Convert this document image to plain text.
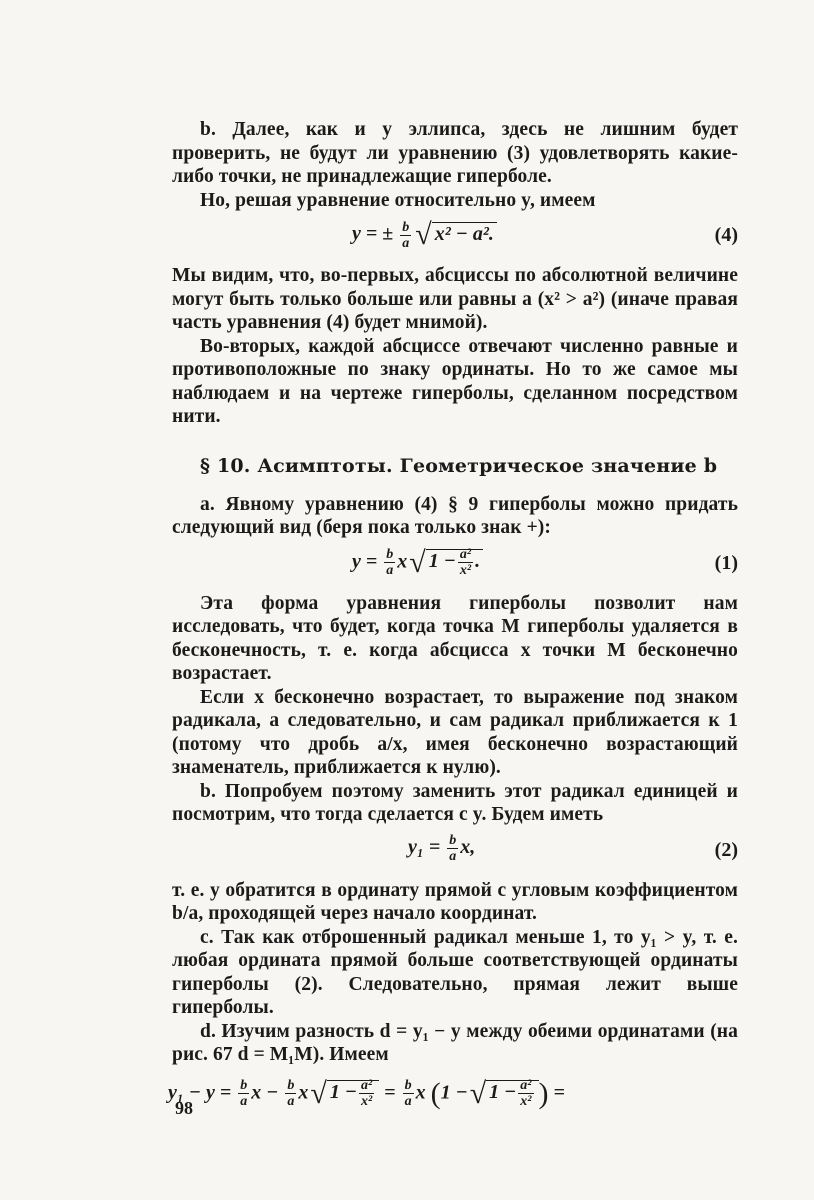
b. Далее, как и у эллипса, здесь не лишним будет проверить, не будут ли уравнению (3) удовлетворять какие-либо точки, не принадлежащие гиперболе.

Но, решая уравнение относительно y, имеем

y = ± $\frac{b}{a}$ √ x² − a².	(4)

Мы видим, что, во-первых, абсциссы по абсолютной величине могут быть только больше или равны a (x² > a²) (иначе правая часть уравнения (4) будет мнимой).

Во-вторых, каждой абсциссе отвечают численно равные и противоположные по знаку ординаты. Но то же самое мы наблюдаем и на чертеже гиперболы, сделанном посредством нити.

§ 10. Асимптоты. Геометрическое значение b

a. Явному уравнению (4) § 9 гиперболы можно придать следующий вид (беря пока только знак +):

$y = \frac{b}{a} x√$ $1 - \frac{\text{a²}}{\text{x²}}$ .	(1)

Эта форма уравнения гиперболы позволит нам исследовать, что будет, когда точка M гиперболы удаляется в бесконечность, т. е. когда абсцисса x точки M бесконечно возрастает.

Если x бесконечно возрастает, то выражение под знаком радикала, а следовательно, и сам радикал приближается к 1 (потому что дробь a/x, имея бесконечно возрастающий знаменатель, приближается к нулю).

b. Попробуем поэтому заменить этот радикал единицей и посмотрим, что тогда сделается с y. Будем иметь

$y_1 = \frac{b}{a} x$,	(2)

т. е. y обратится в ординату прямой с угловым коэффициентом b/a, проходящей через начало координат.

c. Так как отброшенный радикал меньше 1, то y₁ > y, т. е. любая ордината прямой больше соответствующей ординаты гиперболы (2). Следовательно, прямая лежит выше гиперболы.

d. Изучим разность d = y₁ − y между обеими ординатами (на рис. 67 d = M₁M). Имеем

$y_1 - y = \frac{b}{a}$ $x - \frac{b}{a} x√$ $1 - \frac{\text{a²}}{\text{x²}} = \frac{b}{a}$ x (1 −√ $1 - \frac{\text{a²}}{\text{x²}}$ ) =
98
